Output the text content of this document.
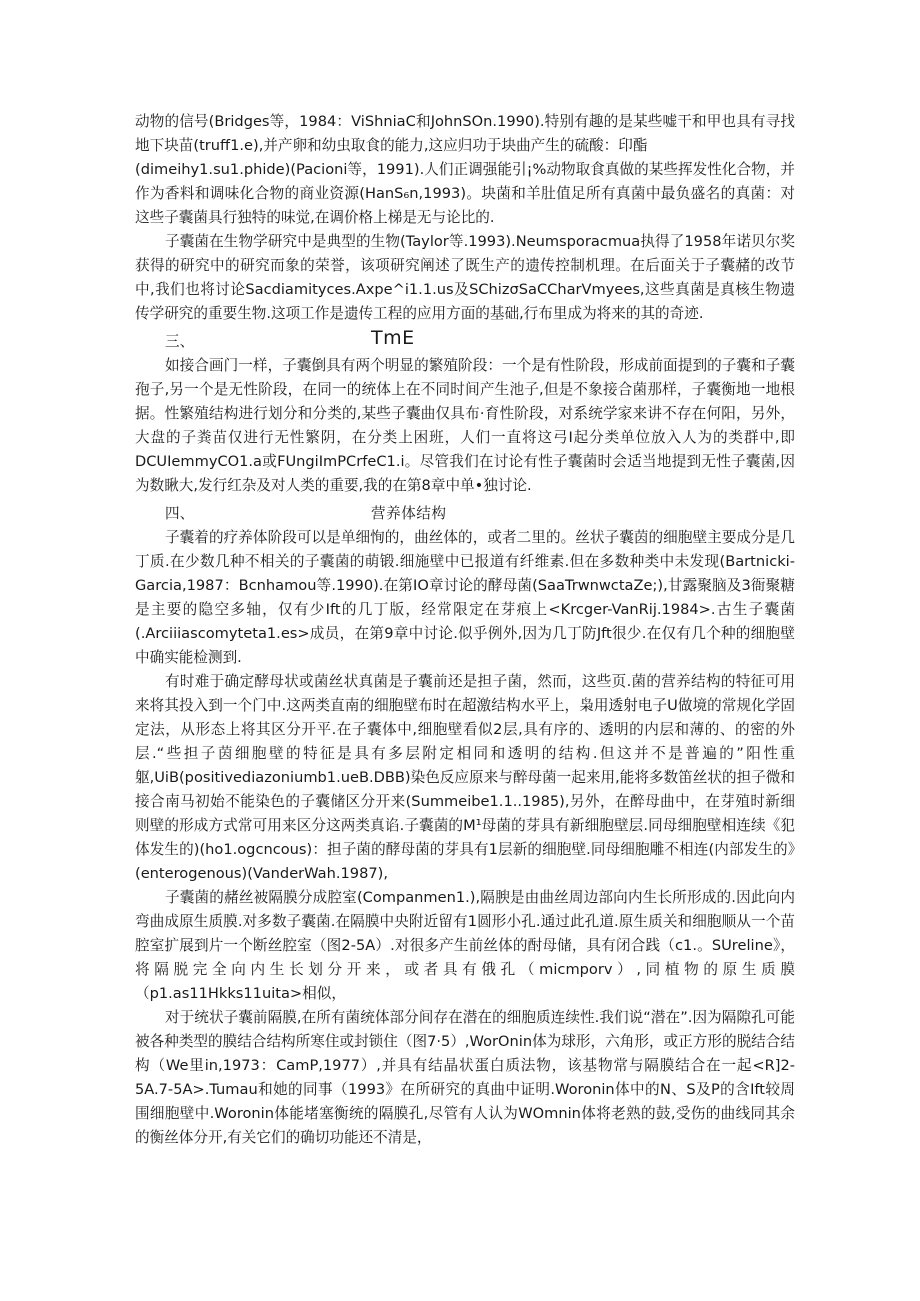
动物的信号(Bridges等，1984：ViShniaC和JohnSOn.1990).特别有趣的是某些嘘干和甲也具有寻找地下块苗(truff1.e),并产卵和幼虫取食的能力,这应归功于块曲产生的硫酸：印酯

(dimeihy1.su1.phide)(Pacioni等，1991).人们正调强能引¡%动物取食真做的某些挥发性化合物，并作为香料和调味化合物的商业资源(HanS₆n,1993)。块菌和羊肚值足所有真菌中最负盛名的真菌：对这些子囊菌具行独特的味觉,在调价格上梯是无与论比的.

子囊菌在生物学研究中是典型的生物(Taylor等.1993).Neumsporacmua执得了1958年诺贝尔奖获得的研究中的研究而象的荣誉，该项研究阐述了既生产的遗传控制机理。在后面关于子囊赭的改节中,我们也将讨论Sacdiamityces.Axpe^i1.1.us及SChizσSaCCharVmyees,这些真菌是真核生物遗传学研究的重要生物.这项工作是遗传工程的应用方面的基础,行布里成为将来的其的奇迹.

三、	TmE

如接合画门一样，子囊倒具有两个明显的繁殖阶段：一个是有性阶段，形成前面提到的子囊和子囊孢子,另一个是无性阶段，在同一的统体上在不同时间产生池子,但是不象接合菌那样，子囊衡地一地根据。性繁殖结构进行划分和分类的,某些子囊曲仅具布·育性阶段，对系统学家来讲不存在何阳，另外，大盘的子粪苗仅进行无性繁阴，在分类上困班，人们一直将这弓I起分类单位放入人为的类群中,即DCUIemmyCO1.a或FUngiImPCrfeC1.i。尽管我们在讨论有性子囊菌时会适当地提到无性子囊菌,因为数瞅大,发行红杂及对人类的重要,我的在第8章中单•独讨论.

四、	营养体结构

子囊着的疗养体阶段可以是单细恂的，曲丝体的，或者二里的。丝状子囊茵的细胞壁主要成分是几丁质.在少数几种不相关的子囊菌的萌锻.细施壁中已报道有纤维素.但在多数种类中未发现(Bartnicki-Garcia,1987：Bcnhamou等.1990).在第IO章讨论的酵母菌(SaaTrwnwctaZe;),甘露聚脑及3衙聚糖是主要的隐空多轴，仅有少Ift的几丁版，经常限定在芽痕上<Krcger-VanRij.1984>.古生子囊菌(.Arciiiascomyteta1.es>成员，在第9章中讨论.似乎例外,因为几丁防Jft很少.在仅有几个种的细胞壁中确实能检测到.

有时难于确定酵母状或菌丝状真菌是子囊前还是担子菌，然而，这些页.菌的营养结构的特征可用来将其投入到一个门中.这两类直南的细胞壁布时在超激结构水平上，枭用透射电子U做境的常规化学固定法，从形态上将其区分开平.在子囊体中,细胞壁看似2层,具有序的、透明的内层和薄的、的密的外层.“些担子茵细胞壁的特征是具有多层附定相同和透明的结构.但这并不是普遍的”阳性重躯,UiB(positivediazoniumb1.ueB.DBB)染色反应原来与醉母菌一起来用,能将多数笛丝状的担子微和接合南马初始不能染色的子囊储区分开来(Summeibe1.1..1985),另外，在醉母曲中，在芽殖时新细则壁的形成方式常可用来区分这两类真谄.子囊菌的M¹母菌的芽具有新细胞壁层.同母细胞壁相连续《犯体发生的)(ho1.ogcncous)：担子菌的酵母菌的芽具有1层新的细胞壁.同母细胞雕不相连(内部发生的》(enterogenous)(VanderWah.1987),

子囊菌的赭丝被隔膜分成腔室(Companmen1.),隔腴是由曲丝周边部向内生长所形成的.因此向内弯曲成原生质膜.对多数子囊菌.在隔膜中央附近留有1圆形小孔.通过此孔道.原生质关和细胞顺从一个苗腔室扩展到片一个断丝腔室（图2-5A）.对很多产生前丝体的酎母储，具有闭合践（c1.。SUreline》，将隔脱完全向内生长划分开来，或者具有俄孔（micmporv）,同植物的原生质膜（p1.as11Hkks11uita>相似，

对于统状子囊前隔膜,在所有菌统体部分间存在潜在的细胞质连续性.我们说“潜在”.因为隔隙孔可能被各种类型的膜结合结构所寒住或封锁住（图7·5）,WorOnin体为球形，六角形，或正方形的脱结合结构（We里in,1973：CamP,1977）,并具有结晶状蛋白质法物，该基物常与隔膜结合在一起<R]2-5A.7-5A>.Tumau和她的同事（1993》在所研究的真曲中证明.Woronin体中的N、S及P的含Ift较周围细胞壁中.Woronin体能堵塞衡统的隔膜孔,尽管有人认为WOmnin体将老熟的鼓,受伤的曲线同其余的衡丝体分开,有关它们的确切功能还不清是，
